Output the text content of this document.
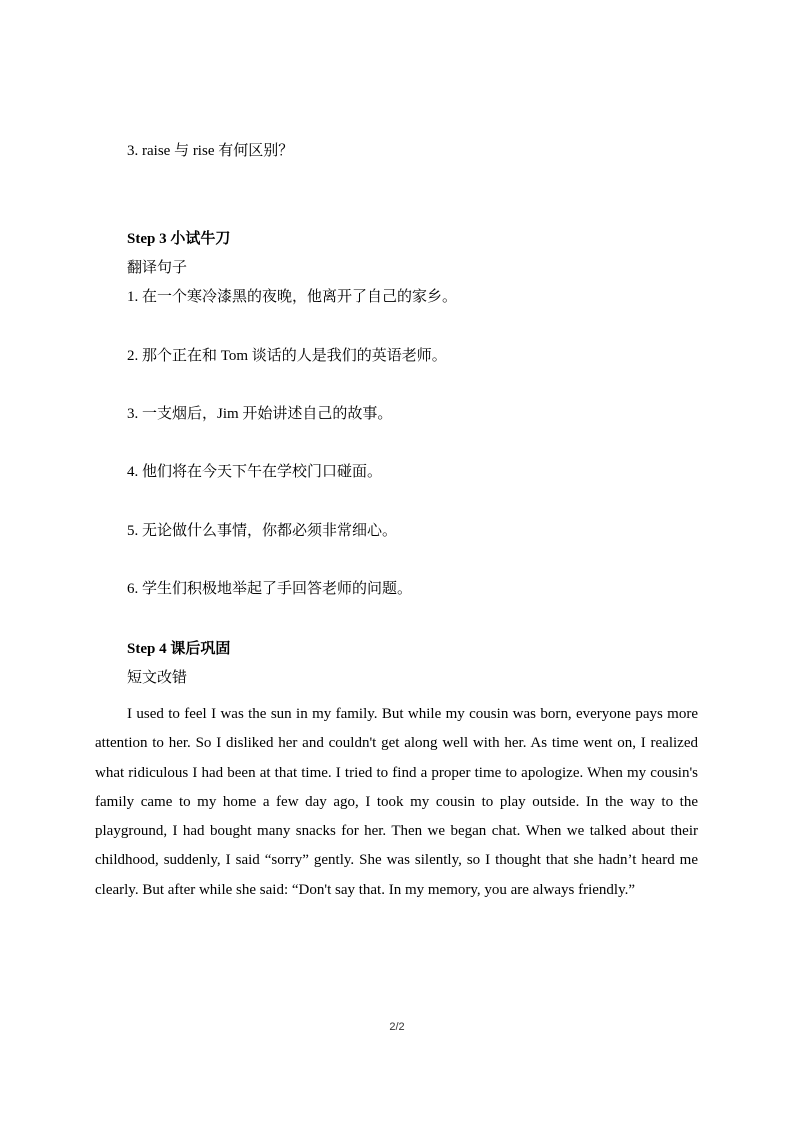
3. raise 与 rise 有何区别？
Step 3 小试牛刀
翻译句子
1. 在一个寒冷漆黑的夜晚，他离开了自己的家乡。
2. 那个正在和 Tom 谈话的人是我们的英语老师。
3. 一支烟后，Jim 开始讲述自己的故事。
4. 他们将在今天下午在学校门口碰面。
5. 无论做什么事情，你都必须非常细心。
6. 学生们积极地举起了手回答老师的问题。
Step 4 课后巩固
短文改错

I used to feel I was the sun in my family. But while my cousin was born, everyone pays more attention to her. So I disliked her and couldn't get along well with her. As time went on, I realized what ridiculous I had been at that time. I tried to find a proper time to apologize. When my cousin's family came to my home a few day ago, I took my cousin to play outside. In the way to the playground, I had bought many snacks for her. Then we began chat. When we talked about their childhood, suddenly, I said “sorry” gently. She was silently, so I thought that she hadn’t heard me clearly. But after while she said: “Don't say that. In my memory, you are always friendly.”

2/2
